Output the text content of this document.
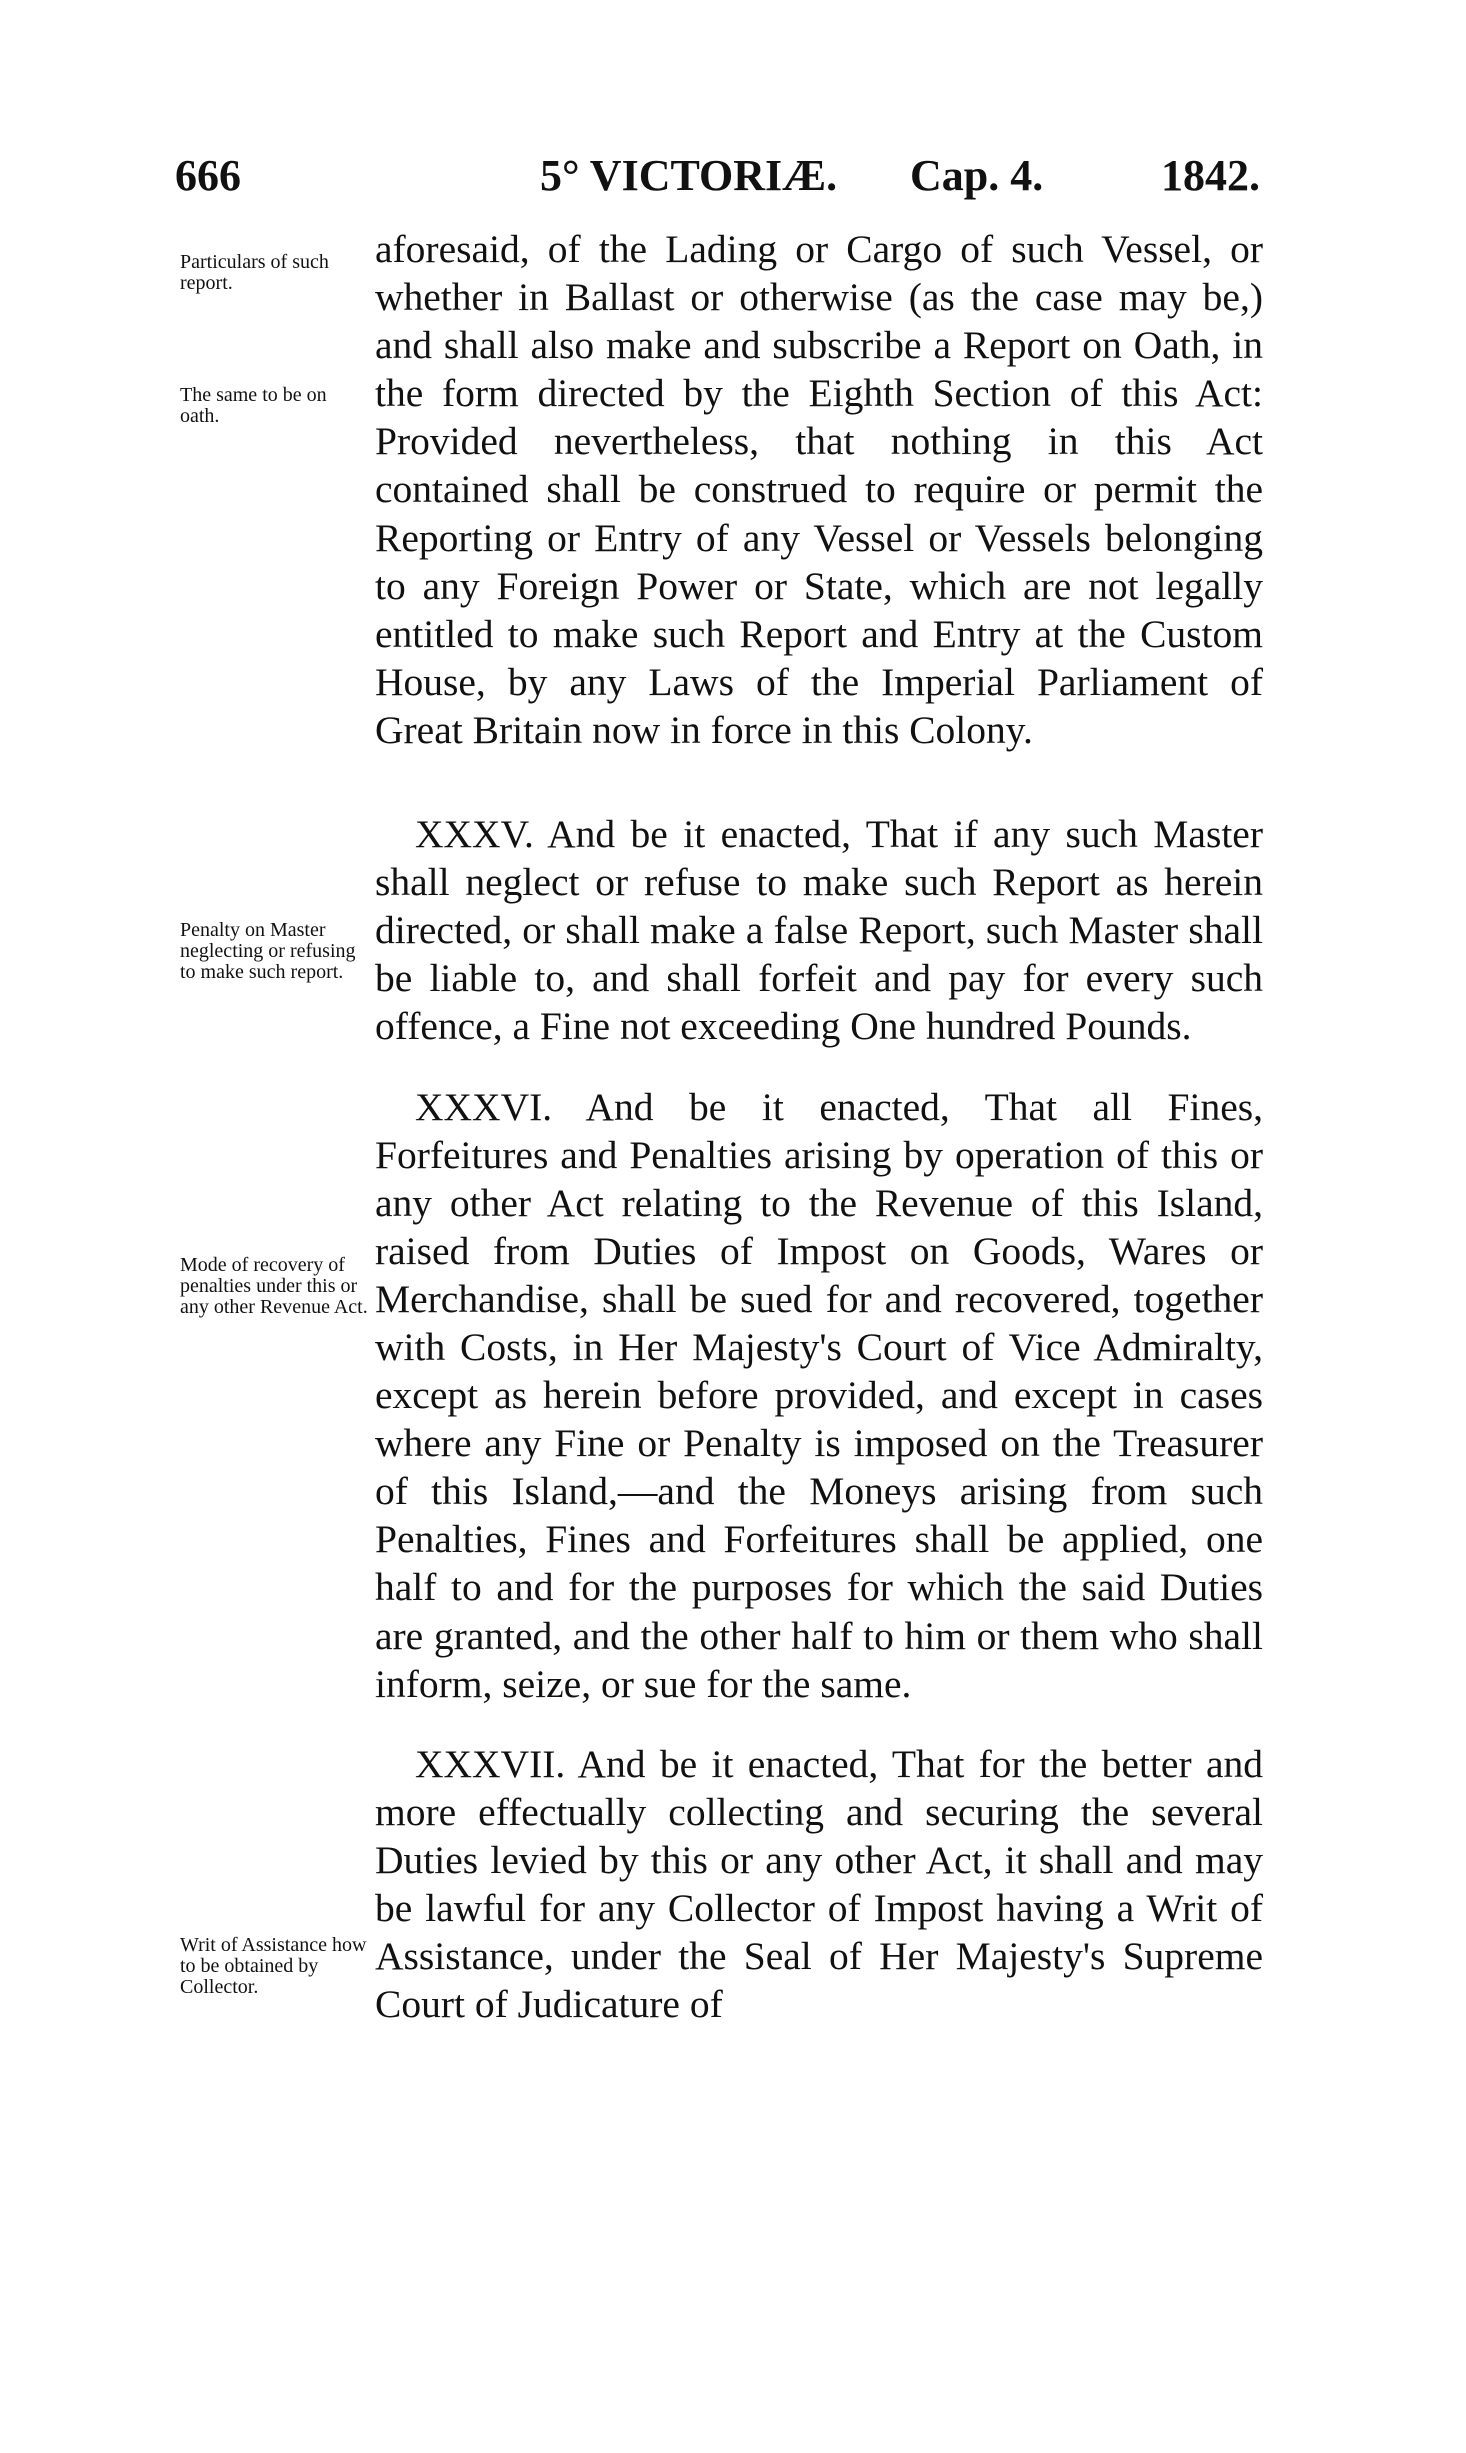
666	5° VICTORIÆ. Cap. 4.	1842.
Particulars of such report.
The same to be on oath.
Penalty on Master neglecting or refusing to make such report.
Mode of recovery of penalties under this or any other Revenue Act.
Writ of Assistance how to be obtained by Collector.

aforesaid, of the Lading or Cargo of such Vessel, or whether in Ballast or otherwise (as the case may be,) and shall also make and subscribe a Report on Oath, in the form directed by the Eighth Section of this Act: Provided nevertheless, that nothing in this Act contained shall be construed to require or permit the Reporting or Entry of any Vessel or Vessels belonging to any Foreign Power or State, which are not legally entitled to make such Report and Entry at the Custom House, by any Laws of the Imperial Parliament of Great Britain now in force in this Colony.

XXXV. And be it enacted, That if any such Master shall neglect or refuse to make such Report as herein directed, or shall make a false Report, such Master shall be liable to, and shall forfeit and pay for every such offence, a Fine not exceeding One hundred Pounds.

XXXVI. And be it enacted, That all Fines, Forfeitures and Penalties arising by operation of this or any other Act relating to the Revenue of this Island, raised from Duties of Impost on Goods, Wares or Merchandise, shall be sued for and recovered, together with Costs, in Her Majesty's Court of Vice Admiralty, except as herein before provided, and except in cases where any Fine or Penalty is imposed on the Treasurer of this Island,—and the Moneys arising from such Penalties, Fines and Forfeitures shall be applied, one half to and for the purposes for which the said Duties are granted, and the other half to him or them who shall inform, seize, or sue for the same.

XXXVII. And be it enacted, That for the better and more effectually collecting and securing the several Duties levied by this or any other Act, it shall and may be lawful for any Collector of Impost having a Writ of Assistance, under the Seal of Her Majesty's Supreme Court of Judicature of
